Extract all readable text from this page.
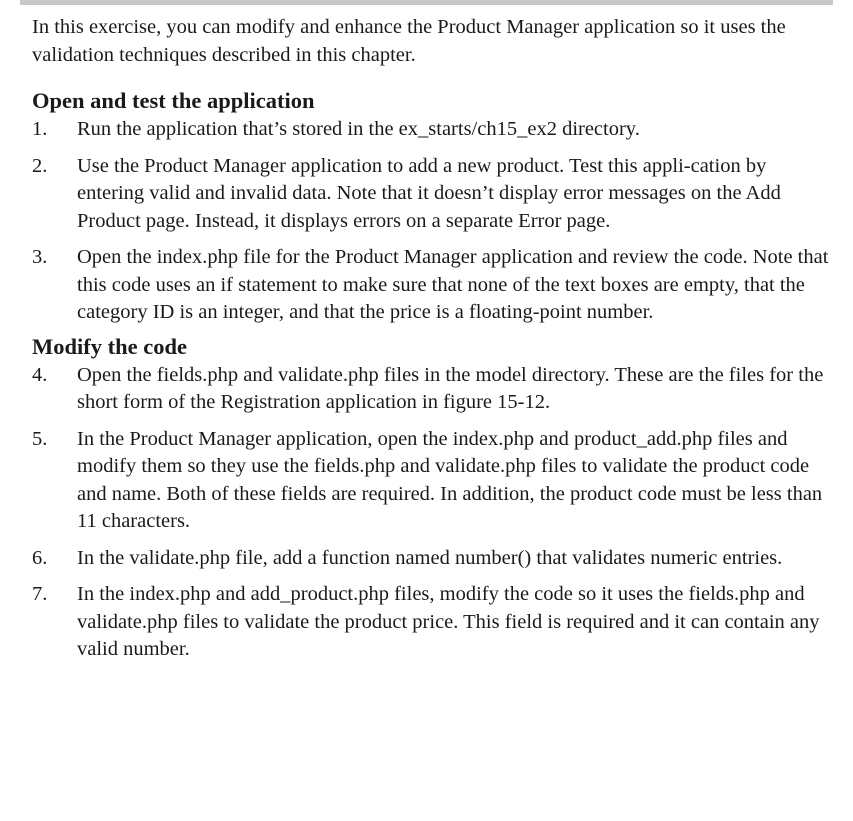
In this exercise, you can modify and enhance the Product Manager application so it uses the validation techniques described in this chapter.

Open and test the application
1. Run the application that’s stored in the ex_starts/ch15_ex2 directory.
2. Use the Product Manager application to add a new product. Test this appli-cation by entering valid and invalid data. Note that it doesn’t display error messages on the Add Product page. Instead, it displays errors on a separate Error page.
3. Open the index.php file for the Product Manager application and review the code. Note that this code uses an if statement to make sure that none of the text boxes are empty, that the category ID is an integer, and that the price is a floating-point number.
Modify the code
4. Open the fields.php and validate.php files in the model directory. These are the files for the short form of the Registration application in figure 15-12.
5. In the Product Manager application, open the index.php and product_add.php files and modify them so they use the fields.php and validate.php files to validate the product code and name. Both of these fields are required. In addition, the product code must be less than 11 characters.
6. In the validate.php file, add a function named number() that validates numeric entries.
7. In the index.php and add_product.php files, modify the code so it uses the fields.php and validate.php files to validate the product price. This field is required and it can contain any valid number.
